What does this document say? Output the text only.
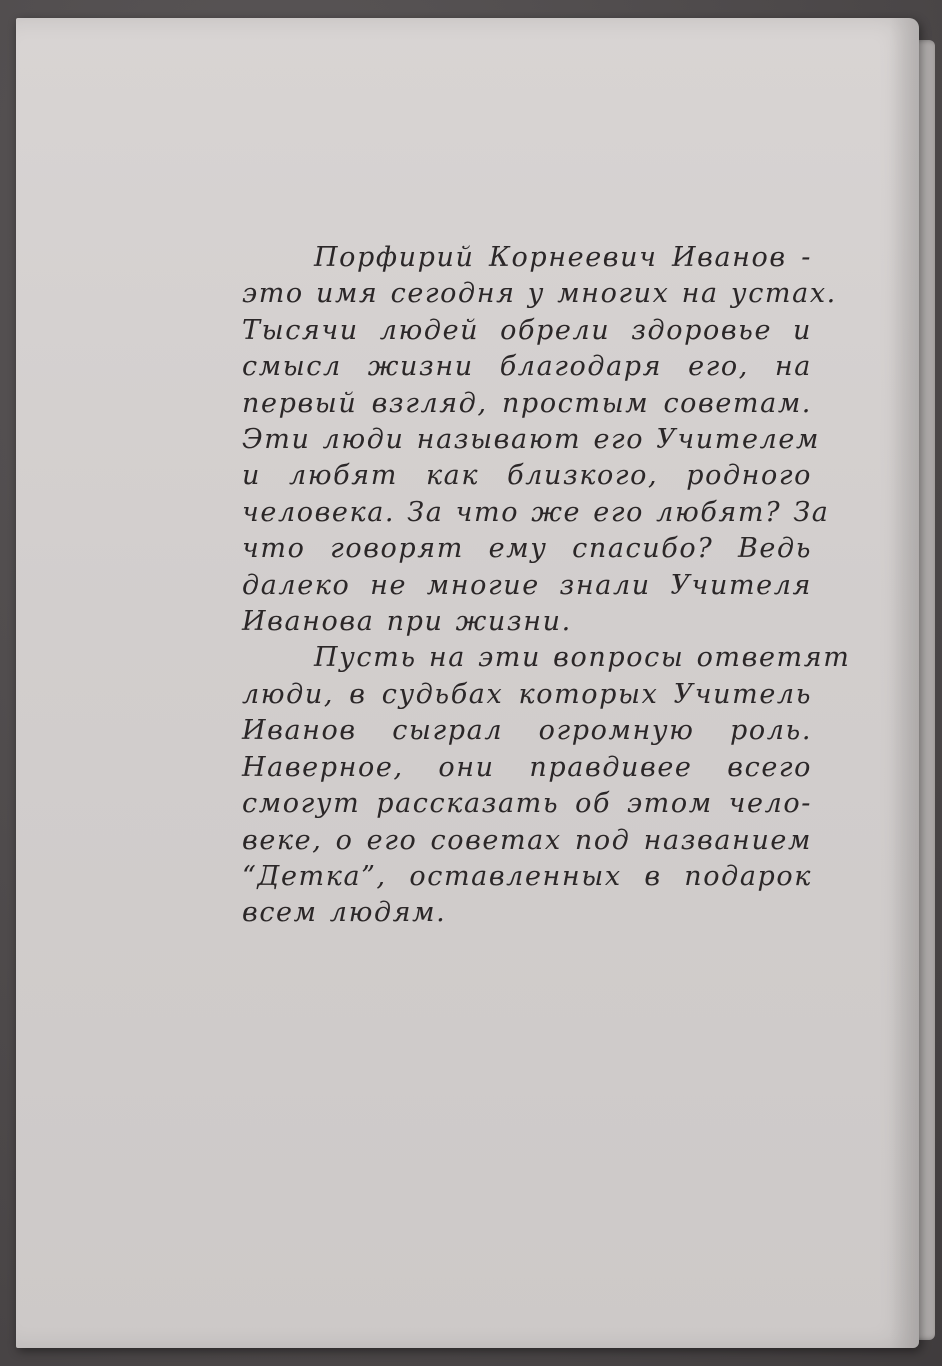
Порфирий Корнеевич Иванов -
это имя сегодня у многих на устах.
Тысячи людей обрели здоровье и
смысл жизни благодаря его, на
первый взгляд, простым советам.
Эти люди называют его Учителем
и любят как близкого, родного
человека. За что же его любят? За
что говорят ему спасибо? Ведь
далеко не многие знали Учителя
Иванова при жизни.
Пусть на эти вопросы ответят
люди, в судьбах которых Учитель
Иванов сыграл огромную роль.
Наверное, они правдивее всего
смогут рассказать об этом чело-
веке, о его советах под названием
“Детка”, оставленных в подарок
всем людям.
